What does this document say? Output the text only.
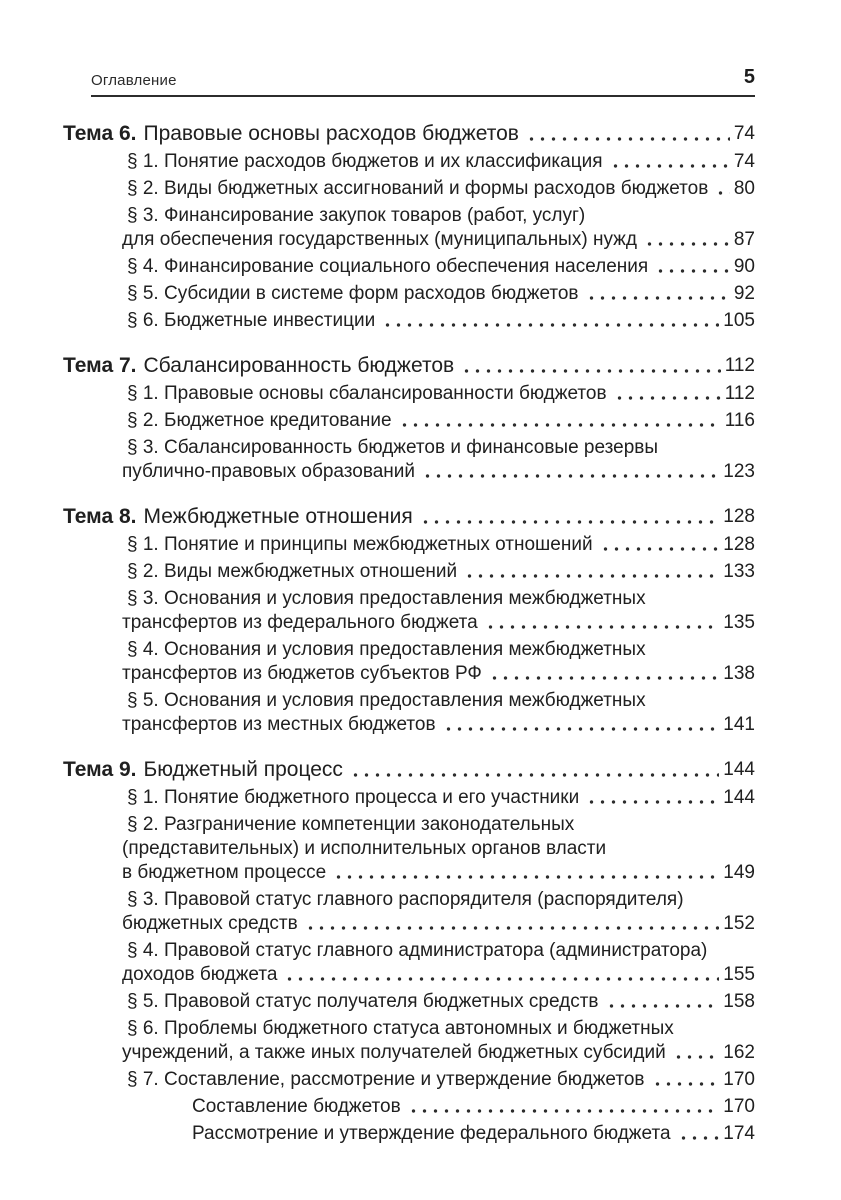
Оглавление	5
Тема 6. Правовые основы расходов бюджетов	74
§ 1. Понятие расходов бюджетов и их классификация	74
§ 2. Виды бюджетных ассигнований и формы расходов бюджетов 80
§ 3. Финансирование закупок товаров (работ, услуг)
для обеспечения государственных (муниципальных) нужд	87
§ 4. Финансирование социального обеспечения населения	90
§ 5. Субсидии в системе форм расходов бюджетов	92
§ 6. Бюджетные инвестиции	105
Тема 7. Сбалансированность бюджетов	112
§ 1. Правовые основы сбалансированности бюджетов	112
§ 2. Бюджетное кредитование	116
§ 3. Сбалансированность бюджетов и финансовые резервы
публично-правовых образований	123
Тема 8. Межбюджетные отношения	128
§ 1. Понятие и принципы межбюджетных отношений	128
§ 2. Виды межбюджетных отношений	133
§ 3. Основания и условия предоставления межбюджетных
трансфертов из федерального бюджета	135
§ 4. Основания и условия предоставления межбюджетных
трансфертов из бюджетов субъектов РФ	138
§ 5. Основания и условия предоставления межбюджетных
трансфертов из местных бюджетов	141
Тема 9. Бюджетный процесс	144
§ 1. Понятие бюджетного процесса и его участники	144
§ 2. Разграничение компетенции законодательных
(представительных) и исполнительных органов власти
в бюджетном процессе	149
§ 3. Правовой статус главного распорядителя (распорядителя)
бюджетных средств	152
§ 4. Правовой статус главного администратора (администратора)
доходов бюджета	155
§ 5. Правовой статус получателя бюджетных средств	158
§ 6. Проблемы бюджетного статуса автономных и бюджетных
учреждений, а также иных получателей бюджетных субсидий	162
§ 7. Составление, рассмотрение и утверждение бюджетов	170
Составление бюджетов	170
Рассмотрение и утверждение федерального бюджета	174
